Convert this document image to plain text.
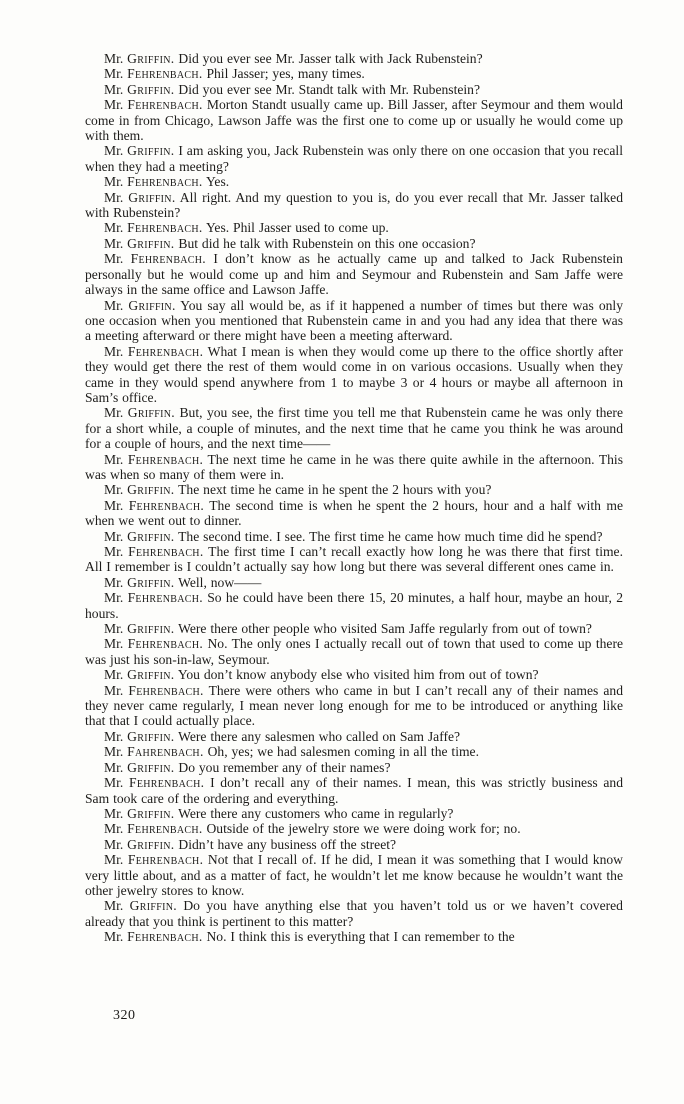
Mr. Griffin. Did you ever see Mr. Jasser talk with Jack Rubenstein?

Mr. Fehrenbach. Phil Jasser; yes, many times.

Mr. Griffin. Did you ever see Mr. Standt talk with Mr. Rubenstein?

Mr. Fehrenbach. Morton Standt usually came up. Bill Jasser, after Seymour and them would come in from Chicago, Lawson Jaffe was the first one to come up or usually he would come up with them.

Mr. Griffin. I am asking you, Jack Rubenstein was only there on one occasion that you recall when they had a meeting?

Mr. Fehrenbach. Yes.

Mr. Griffin. All right. And my question to you is, do you ever recall that Mr. Jasser talked with Rubenstein?

Mr. Fehrenbach. Yes. Phil Jasser used to come up.

Mr. Griffin. But did he talk with Rubenstein on this one occasion?

Mr. Fehrenbach. I don’t know as he actually came up and talked to Jack Rubenstein personally but he would come up and him and Seymour and Rubenstein and Sam Jaffe were always in the same office and Lawson Jaffe.

Mr. Griffin. You say all would be, as if it happened a number of times but there was only one occasion when you mentioned that Rubenstein came in and you had any idea that there was a meeting afterward or there might have been a meeting afterward.

Mr. Fehrenbach. What I mean is when they would come up there to the office shortly after they would get there the rest of them would come in on various occasions. Usually when they came in they would spend anywhere from 1 to maybe 3 or 4 hours or maybe all afternoon in Sam’s office.

Mr. Griffin. But, you see, the first time you tell me that Rubenstein came he was only there for a short while, a couple of minutes, and the next time that he came you think he was around for a couple of hours, and the next time——

Mr. Fehrenbach. The next time he came in he was there quite awhile in the afternoon. This was when so many of them were in.

Mr. Griffin. The next time he came in he spent the 2 hours with you?

Mr. Fehrenbach. The second time is when he spent the 2 hours, hour and a half with me when we went out to dinner.

Mr. Griffin. The second time. I see. The first time he came how much time did he spend?

Mr. Fehrenbach. The first time I can’t recall exactly how long he was there that first time. All I remember is I couldn’t actually say how long but there was several different ones came in.

Mr. Griffin. Well, now——

Mr. Fehrenbach. So he could have been there 15, 20 minutes, a half hour, maybe an hour, 2 hours.

Mr. Griffin. Were there other people who visited Sam Jaffe regularly from out of town?

Mr. Fehrenbach. No. The only ones I actually recall out of town that used to come up there was just his son-in-law, Seymour.

Mr. Griffin. You don’t know anybody else who visited him from out of town?

Mr. Fehrenbach. There were others who came in but I can’t recall any of their names and they never came regularly, I mean never long enough for me to be introduced or anything like that that I could actually place.

Mr. Griffin. Were there any salesmen who called on Sam Jaffe?

Mr. Fahrenbach. Oh, yes; we had salesmen coming in all the time.

Mr. Griffin. Do you remember any of their names?

Mr. Fehrenbach. I don’t recall any of their names. I mean, this was strictly business and Sam took care of the ordering and everything.

Mr. Griffin. Were there any customers who came in regularly?

Mr. Fehrenbach. Outside of the jewelry store we were doing work for; no.

Mr. Griffin. Didn’t have any business off the street?

Mr. Fehrenbach. Not that I recall of. If he did, I mean it was something that I would know very little about, and as a matter of fact, he wouldn’t let me know because he wouldn’t want the other jewelry stores to know.

Mr. Griffin. Do you have anything else that you haven’t told us or we haven’t covered already that you think is pertinent to this matter?

Mr. Fehrenbach. No. I think this is everything that I can remember to the

320
